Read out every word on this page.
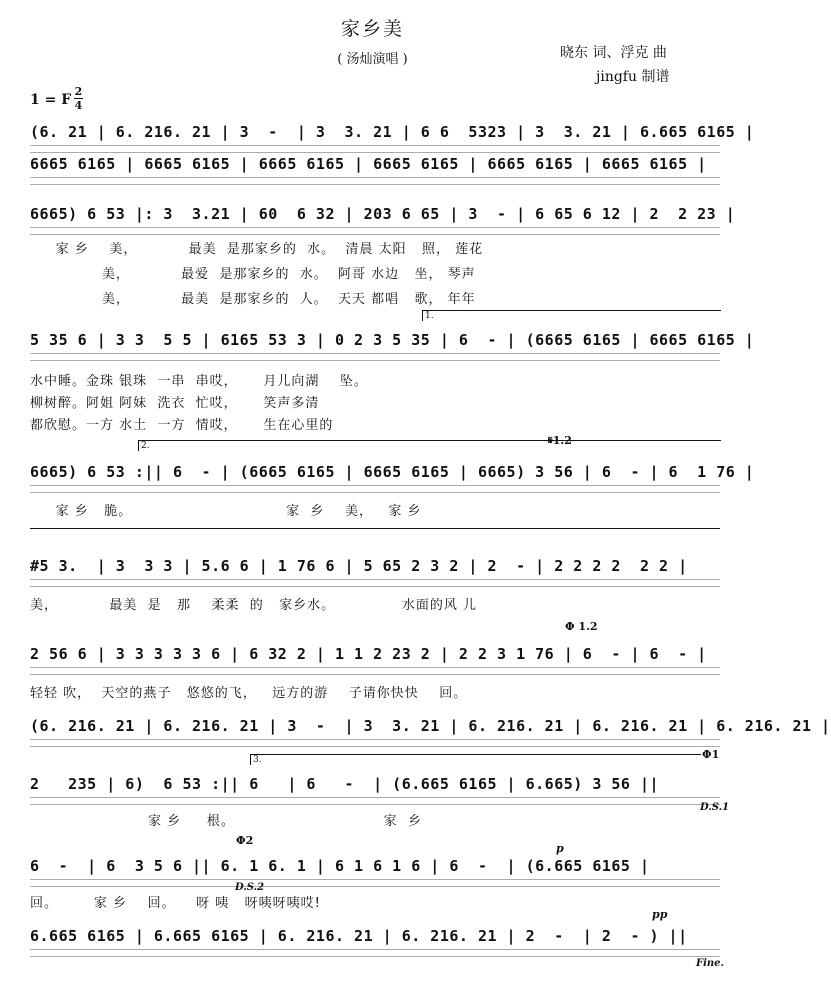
家乡美
( 汤灿演唱 )	晓东 词、浮克 曲
jingfu 制谱
1 = F
2
4
(6. 21 | 6. 216. 21 | 3  -  | 3  3. 21 | 6 6  5323 | 3  3. 21 | 6.665 6165 |
6665 6165 | 6665 6165 | 6665 6165 | 6665 6165 | 6665 6165 | 6665 6165 |
6665) 6 53 |: 3  3.21 | 60  6 32 | 203 6 65 | 3  - | 6 65 6 12 | 2  2 23 |
家 乡    美，          最美  是那家乡的  水。  清晨 太阳   照， 莲花
美，          最爱  是那家乡的  水。  阿哥 水边   坐， 琴声
美，          最美  是那家乡的  人。  天天 都唱   歌， 年年
1.
5 35 6 | 3 3  5 5 | 6165 53 3 | 0 2 3 5 35 | 6  - | (6665 6165 | 6665 6165 |
水中睡。金珠 银珠  一串  串哎，     月儿向湖    坠。
柳树醉。阿姐 阿妹  洗衣  忙哎，     笑声多清
都欣慰。一方 水土  一方  情哎，     生在心里的
2.	𝄋1.2
6665) 6 53 :|| 6  - | (6665 6165 | 6665 6165 | 6665) 3 56 | 6  - | 6  1 76 |
家 乡   脆。                              家  乡    美，   家 乡
#5 3.  | 3  3 3 | 5.6 6 | 1 76 6 | 5 65 2 3 2 | 2  - | 2 2 2 2  2 2 |
美，          最美  是   那    柔柔  的   家乡水。             水面的风 儿
Φ 1.2
2 56 6 | 3 3 3 3 3 6 | 6 32 2 | 1 1 2 23 2 | 2 2 3 1 76 | 6  - | 6  - |
轻轻 吹，  天空的燕子   悠悠的飞，   远方的游    子请你快快    回。
(6. 216. 21 | 6. 216. 21 | 3  -  | 3  3. 21 | 6. 216. 21 | 6. 216. 21 | 6. 216. 21 |
3.	Φ1
2   235 | 6)  6 53 :|| 6   | 6   -  | (6.665 6165 | 6.665) 3 56 ||
家 乡     根。                             家  乡
D.S.1
Φ2
p
6  -  | 6  3 5 6 || 6. 1 6. 1 | 6 1 6 1 6 | 6  -  | (6.665 6165 |
D.S.2
回。       家 乡    回。    呀 咦   呀咦呀咦哎!
pp
6.665 6165 | 6.665 6165 | 6. 216. 21 | 6. 216. 21 | 2  -  | 2  - ) ||
Fine.
